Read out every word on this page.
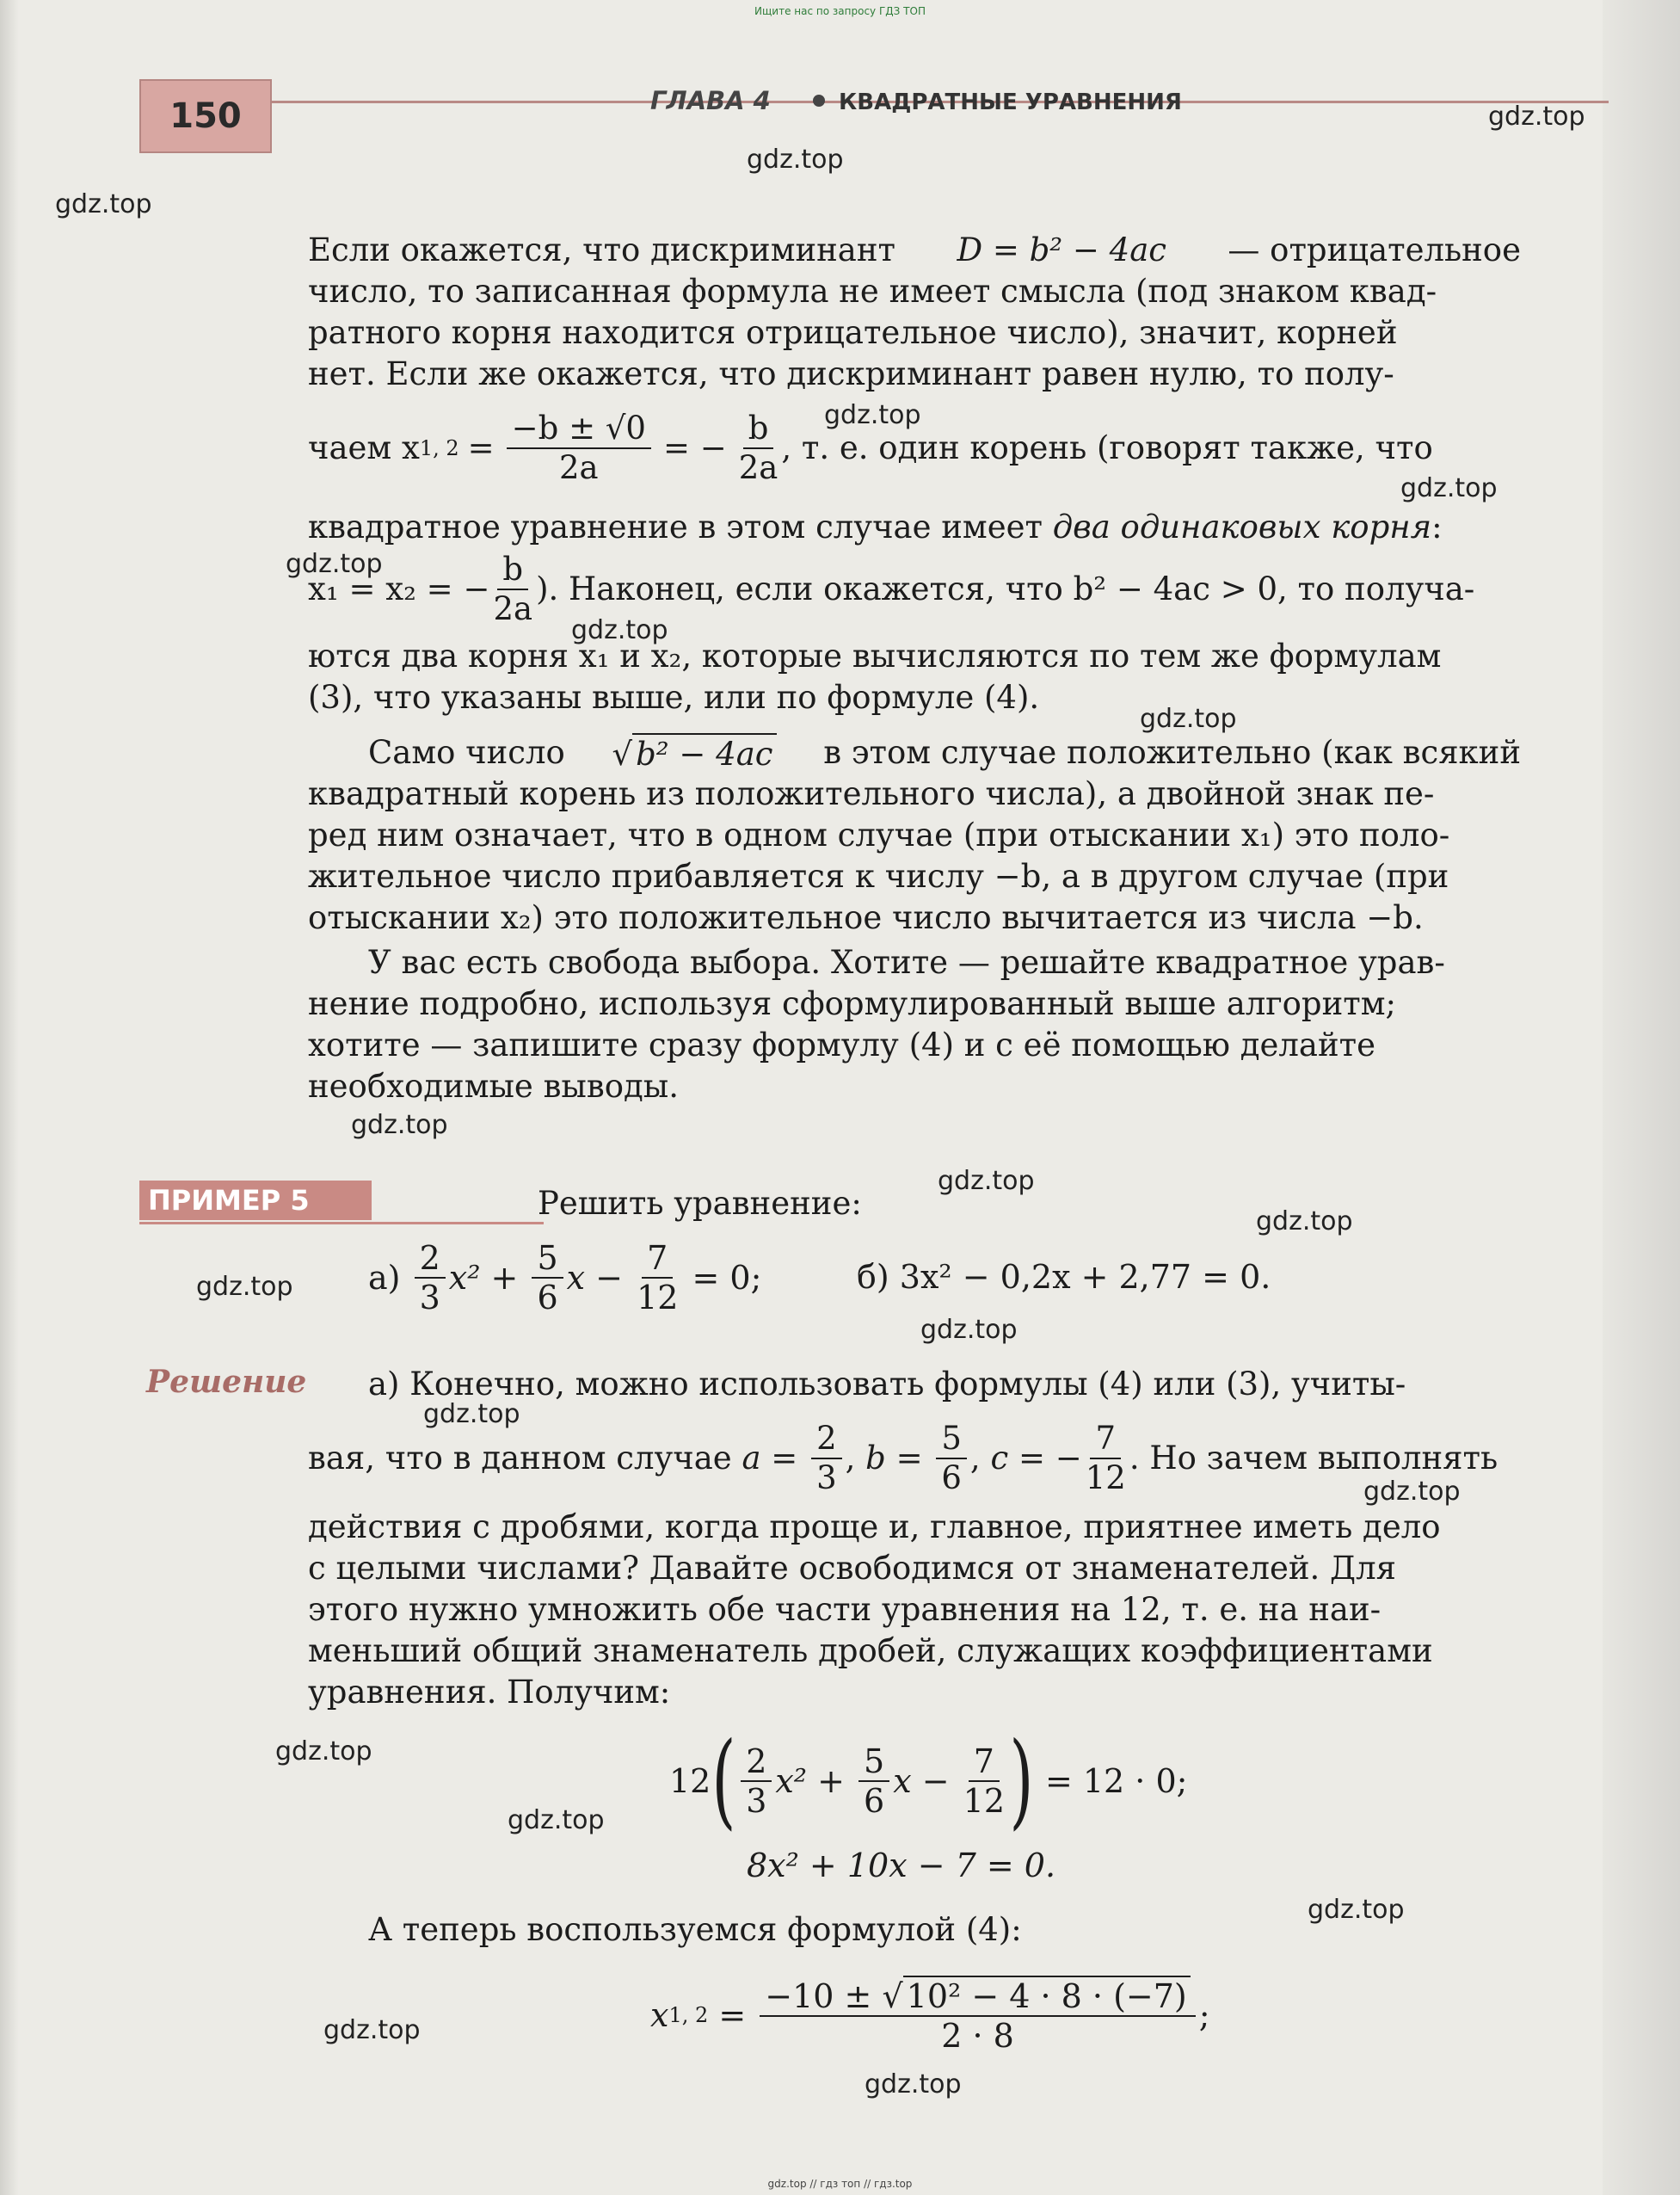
Ищите нас по запросу ГДЗ ТОП
150	ГЛАВА 4	КВАДРАТНЫЕ УРАВНЕНИЯ	gdz.top
gdz.top
gdz.top
gdz.top
gdz.top
gdz.top
gdz.top
gdz.top
gdz.top
gdz.top
gdz.top
gdz.top
gdz.top
gdz.top
gdz.top
gdz.top
gdz.top
gdz.top
gdz.top
gdz.top
Если окажется, что дискриминант D = b² − 4ac — отрицательное
число, то записанная формула не имеет смысла (под знаком квад-
ратного корня находится отрицательное число), значит, корней
нет. Если же окажется, что дискриминант равен нулю, то полу-
чаем x 1, $2 = \frac{-b \pm √0}{2a}$ = − $\frac{b}{2a}$ , т. е. один корень (говорят также, что
квадратное уравнение в этом случае имеет
два одинаковых корня :
x₁ = x₂ = − $\frac{b}{2a}$ ). Наконец, если окажется, что b² − 4ac > 0, то получа-
ются два корня x₁ и x₂, которые вычисляются по тем же формулам
(3), что указаны выше, или по формуле (4).
Само число √ b² − 4ac в этом случае положительно (как всякий
квадратный корень из положительного числа), а двойной знак пе-
ред ним означает, что в одном случае (при отыскании x₁) это поло-
жительное число прибавляется к числу −b, а в другом случае (при
отыскании x₂) это положительное число вычитается из числа −b.
У вас есть свобода выбора. Хотите — решайте квадратное урав-
нение подробно, используя сформулированный выше алгоритм;
хотите — запишите сразу формулу (4) и с её помощью делайте
необходимые выводы.
ПРИМЕР 5	Решить уравнение:
а)
$\frac{2}{3} x^2 + \frac{5}{6}$ $x - \frac{7}{12}$
= 0;	б)
3x² − 0,2x + 2,77 = 0.
Решение а) Конечно, можно использовать формулы (4) или (3), учиты-
вая, что в данном случае
$a = \frac{2}{3}$ , $b = \frac{5}{6}$ , c = − $\frac{7}{12}$ . Но зачем выполнять
действия с дробями, когда проще и, главное, приятнее иметь дело
с целыми числами? Давайте освободимся от знаменателей. Для
этого нужно умножить обе части уравнения на 12, т. е. на наи-
меньший общий знаменатель дробей, служащих коэффициентами
уравнения. Получим:
12 ( $\frac{2}{3} x^2 + \frac{5}{6}$ $x - \frac{7}{12}$ )
= 12 · 0;
8x² + 10x − 7 = 0.
А теперь воспользуемся формулой (4):
x 1, $2 = \frac{\text{−10 ± √ 10² − 4 · 8 · (−7)}}{2 \cdot 8}$ ;
gdz.top // гдз топ // гдз.top
